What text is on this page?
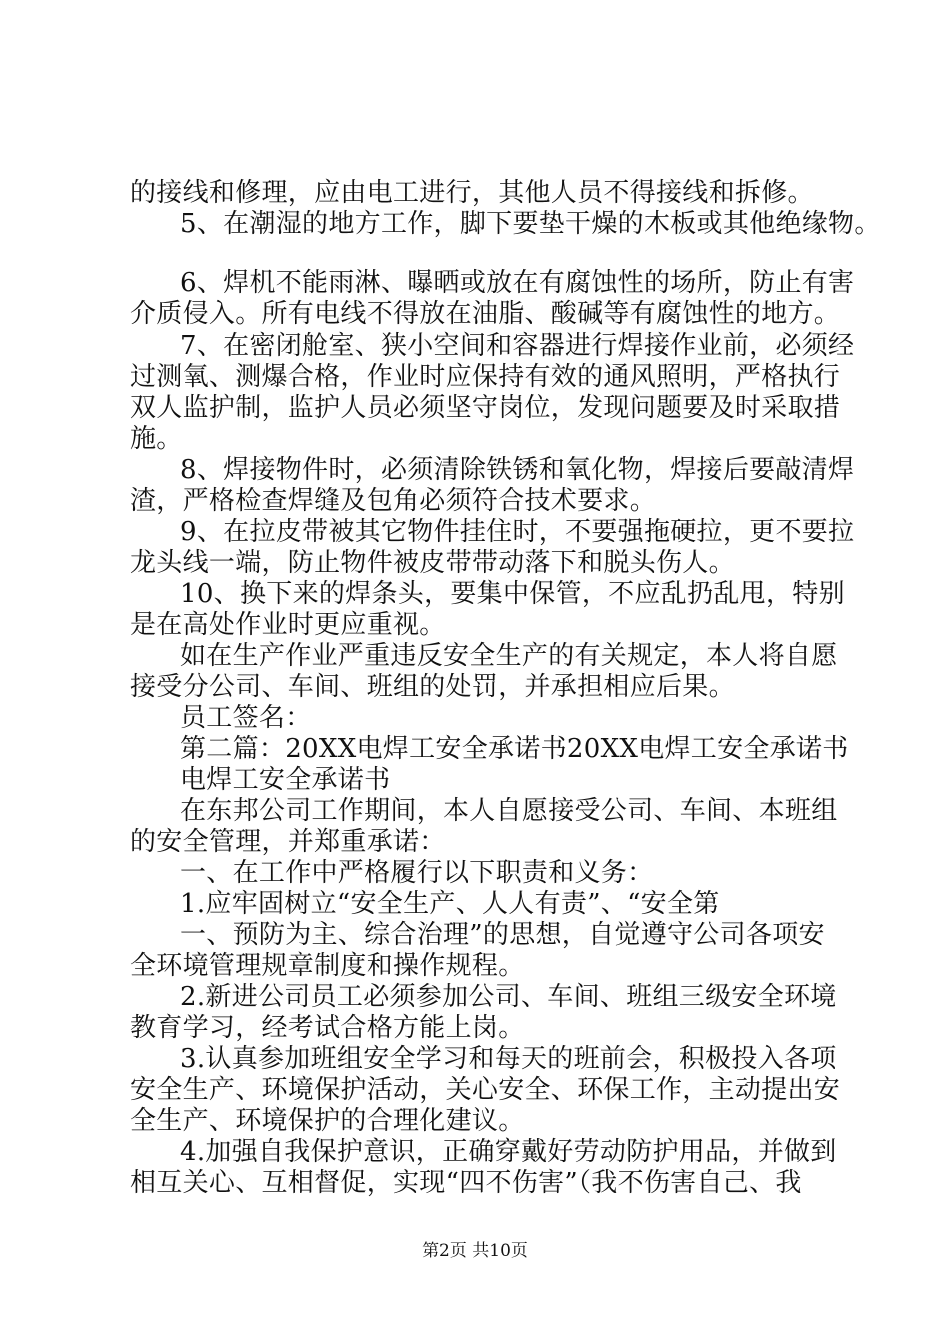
的接线和修理，应由电工进行，其他人员不得接线和拆修。
5、在潮湿的地方工作，脚下要垫干燥的木板或其他绝缘物。
6、焊机不能雨淋、曝晒或放在有腐蚀性的场所，防止有害
介质侵入。所有电线不得放在油脂、酸碱等有腐蚀性的地方。
7、在密闭舱室、狭小空间和容器进行焊接作业前，必须经
过测氧、测爆合格，作业时应保持有效的通风照明，严格执行
双人监护制，监护人员必须坚守岗位，发现问题要及时采取措
施。
8、焊接物件时，必须清除铁锈和氧化物，焊接后要敲清焊
渣，严格检查焊缝及包角必须符合技术要求。
9、在拉皮带被其它物件挂住时，不要强拖硬拉，更不要拉
龙头线一端，防止物件被皮带带动落下和脱头伤人。
10、换下来的焊条头，要集中保管，不应乱扔乱甩，特别
是在高处作业时更应重视。
如在生产作业严重违反安全生产的有关规定，本人将自愿
接受分公司、车间、班组的处罚，并承担相应后果。
员工签名：
第二篇：20XX电焊工安全承诺书20XX电焊工安全承诺书
电焊工安全承诺书
在东邦公司工作期间，本人自愿接受公司、车间、本班组
的安全管理，并郑重承诺：
一、在工作中严格履行以下职责和义务：
1.应牢固树立“安全生产、人人有责”、“安全第
一、预防为主、综合治理”的思想，自觉遵守公司各项安
全环境管理规章制度和操作规程。
2.新进公司员工必须参加公司、车间、班组三级安全环境
教育学习，经考试合格方能上岗。
3.认真参加班组安全学习和每天的班前会，积极投入各项
安全生产、环境保护活动，关心安全、环保工作，主动提出安
全生产、环境保护的合理化建议。
4.加强自我保护意识，正确穿戴好劳动防护用品，并做到
相互关心、互相督促，实现“四不伤害”（我不伤害自己、我
第2页 共10页
